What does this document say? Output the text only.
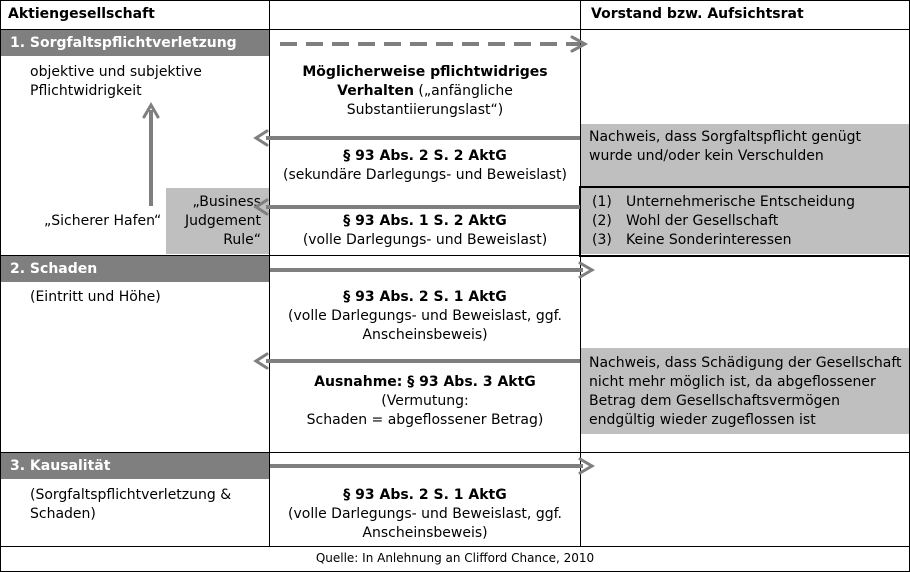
1. Sorgfaltspflichtverletzung
2. Schaden
3. Kausalität
Aktiengesellschaft	Vorstand bzw. Aufsichtsrat
objektive und subjektive
Pflichtwidrigkeit
„Sicherer Hafen“
„Business
Judgement
Rule“
Möglicherweise pflichtwidriges
Verhalten („anfängliche
Substantiierungslast“)
§ 93 Abs. 2 S. 2 AktG
(sekundäre Darlegungs- und Beweislast)
§ 93 Abs. 1 S. 2 AktG
(volle Darlegungs- und Beweislast)
Nachweis, dass Sorgfaltspflicht genügt
wurde und/oder kein Verschulden
(1)	Unternehmerische Entscheidung
(2)	Wohl der Gesellschaft
(3)	Keine Sonderinteressen
(Eintritt und Höhe)	§ 93 Abs. 2 S. 1 AktG
(volle Darlegungs- und Beweislast, ggf.
Anscheinsbeweis)
Ausnahme: § 93 Abs. 3 AktG
(Vermutung:
Schaden = abgeflossener Betrag)
Nachweis, dass Schädigung der Gesellschaft
nicht mehr möglich ist, da abgeflossener
Betrag dem Gesellschaftsvermögen
endgültig wieder zugeflossen ist
(Sorgfaltspflichtverletzung &
Schaden)
§ 93 Abs. 2 S. 1 AktG
(volle Darlegungs- und Beweislast, ggf.
Anscheinsbeweis)
Quelle: In Anlehnung an Clifford Chance, 2010
